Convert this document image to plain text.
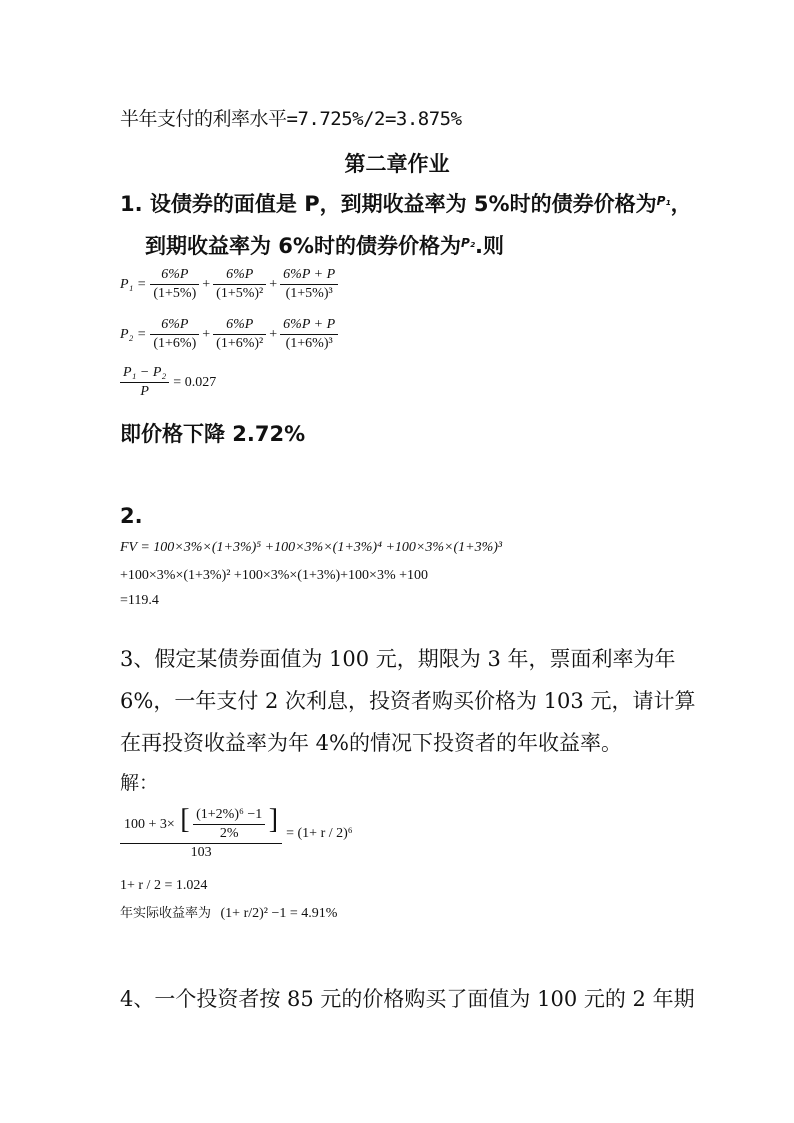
半年支付的利率水平=7.725%/2=3.875%
第二章作业
1. 设债券的面值是 P，到期收益率为 5%时的债券价格为$^{P_1}$，
到期收益率为 6%时的债券价格为$^{P_2}$.则
$P_1 = \frac{6\%P}{(1+5\%)} + \frac{6\%P}{\text{(1+5\%)²}} + \frac{6\%P + P}{\text{(1+5\%)³}}$
$P_2 = \frac{6\%P}{(1+6\%)} + \frac{6\%P}{\text{(1+6\%)²}} + \frac{6\%P + P}{\text{(1+6\%)³}}$
$\frac{\text{P₁ − P₂}}{P} = 0.027$
即价格下降 2.72%
2.
FV = 100×3%×(1+3%)⁵ +100×3%×(1+3%)⁴ +100×3%×(1+3%)³
+100×3%×(1+3%)² +100×3%×(1+3%)+100×3% +100
=119.4
3、假定某债券面值为 100 元，期限为 3 年，票面利率为年
6%，一年支付 2 次利息，投资者购买价格为 103 元，请计算
在再投资收益率为年 4%的情况下投资者的年收益率。
解：
$\frac{100 + 3\times [ \frac{\text{(1+2\%)⁶ −1}}{2\%} ]}{103} = (1+ r / 2)^6$
1+ r / 2 = 1.024
年实际收益率为 (1+ r/2)² −1 = 4.91%
4、一个投资者按 85 元的价格购买了面值为 100 元的 2 年期
